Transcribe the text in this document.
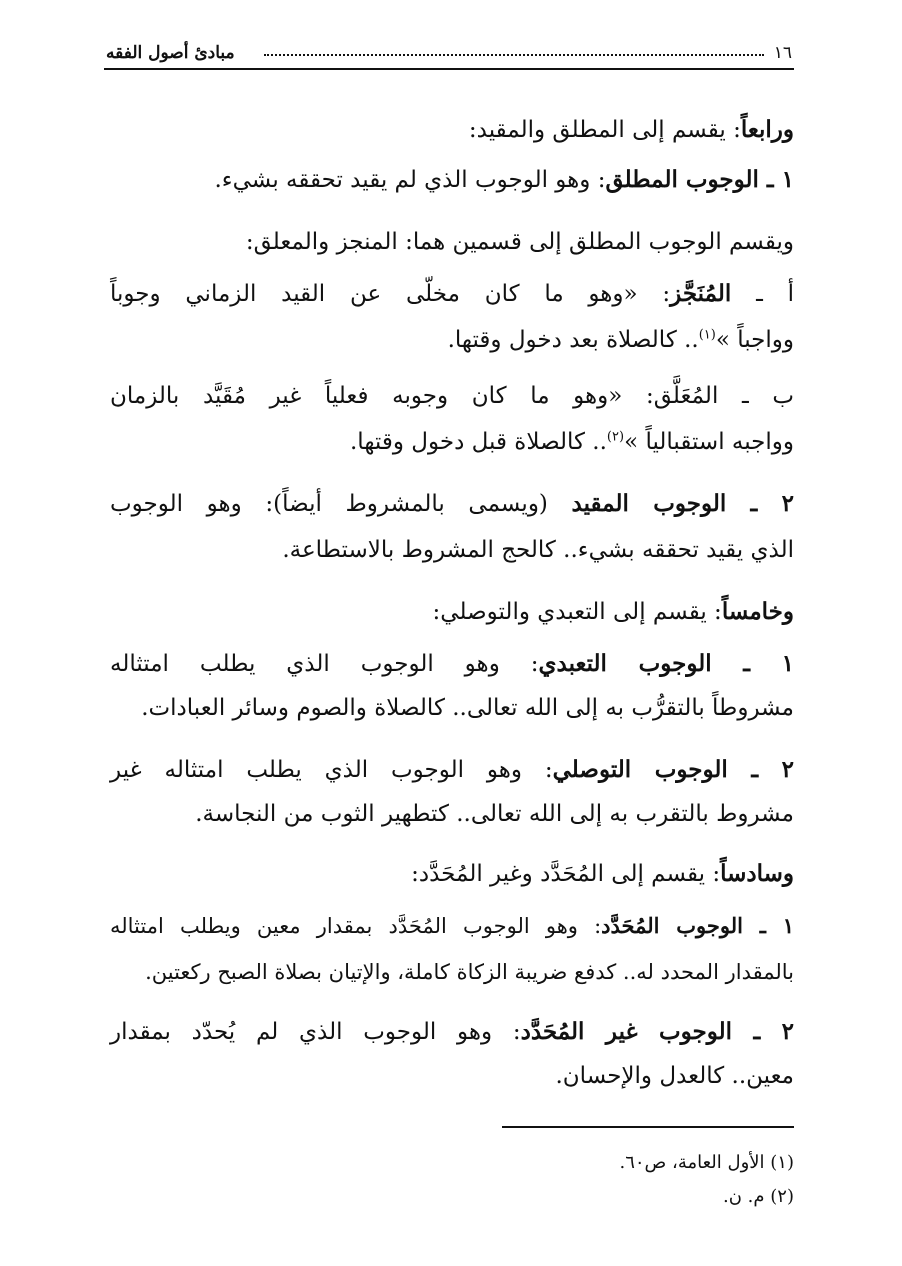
١٦
مبادئ أصول الفقه
ورابعاً: يقسم إلى المطلق والمقيد:
١ ـ الوجوب المطلق: وهو الوجوب الذي لم يقيد تحققه بشيء.
ويقسم الوجوب المطلق إلى قسمين هما: المنجز والمعلق:
أ ـ المُنَجَّز: «وهو ما كان مخلّى عن القيد الزماني وجوباً
وواجباً »$^{(١)}$.. كالصلاة بعد دخول وقتها.
ب ـ المُعَلَّق: «وهو ما كان وجوبه فعلياً غير مُقَيَّد بالزمان
وواجبه استقبالياً »$^{(٢)}$.. كالصلاة قبل دخول وقتها.
٢ ـ الوجوب المقيد (ويسمى بالمشروط أيضاً): وهو الوجوب
الذي يقيد تحققه بشيء.. كالحج المشروط بالاستطاعة.
وخامساً: يقسم إلى التعبدي والتوصلي:
١ ـ الوجوب التعبدي: وهو الوجوب الذي يطلب امتثاله
مشروطاً بالتقرُّب به إلى الله تعالى.. كالصلاة والصوم وسائر العبادات.
٢ ـ الوجوب التوصلي: وهو الوجوب الذي يطلب امتثاله غير
مشروط بالتقرب به إلى الله تعالى.. كتطهير الثوب من النجاسة.
وسادساً: يقسم إلى المُحَدَّد وغير المُحَدَّد:
١ ـ الوجوب المُحَدَّد: وهو الوجوب المُحَدَّد بمقدار معين ويطلب امتثاله
بالمقدار المحدد له.. كدفع ضريبة الزكاة كاملة، والإتيان بصلاة الصبح ركعتين.
٢ ـ الوجوب غير المُحَدَّد: وهو الوجوب الذي لم يُحدّد بمقدار
معين.. كالعدل والإحسان.
(١) الأول العامة، ص٦٠.
(٢) م. ن.
